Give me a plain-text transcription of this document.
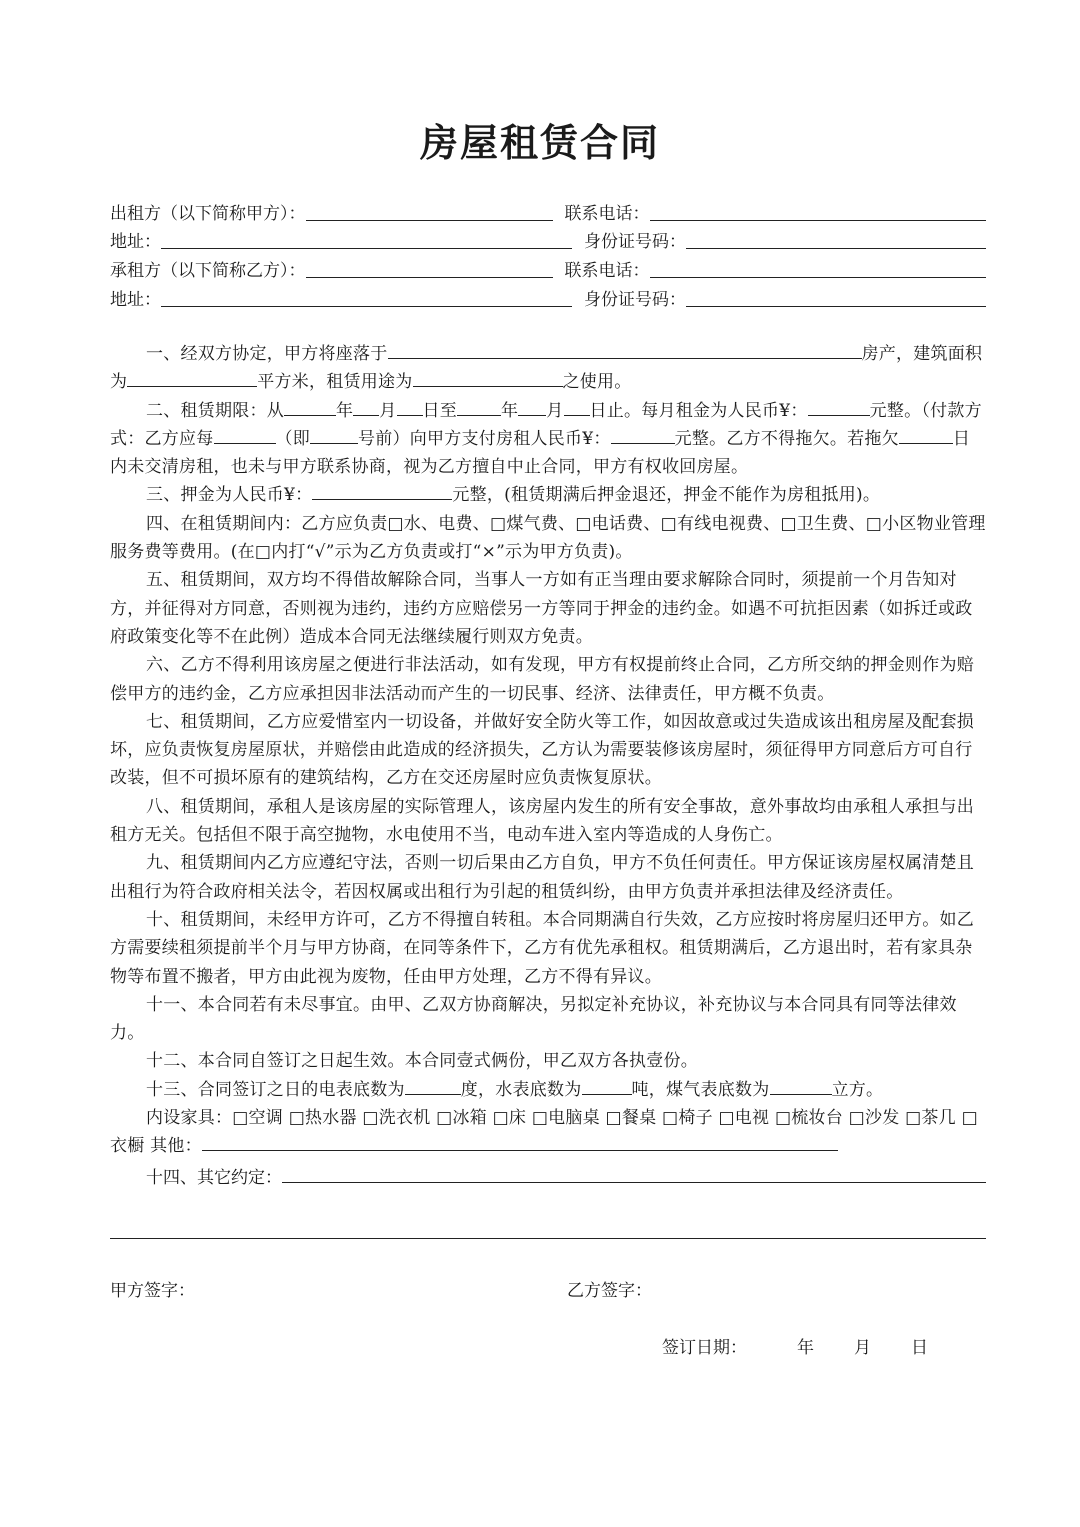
房屋租赁合同
出租方（以下简称甲方）：	联系电话：
地址：	身份证号码：
承租方（以下简称乙方）：	联系电话：
地址：	身份证号码：

一、经双方协定，甲方将座落于	房产，建筑面积为	平方米，租赁用途为	之使用。

二、租赁期限：从	年 月 日至	年 月 日止。每月租金为人民币¥：	元整。（付款方式：乙方应每	（即	号前）向甲方支付房租人民币¥：	元整。乙方不得拖欠。若拖欠	日内未交清房租，也未与甲方联系协商，视为乙方擅自中止合同，甲方有权收回房屋。

三、押金为人民币¥：	元整，(租赁期满后押金退还，押金不能作为房租抵用)。

四、在租赁期间内：乙方应负责□水、电费、□煤气费、□电话费、□有线电视费、□卫生费、□小区物业管理服务费等费用。(在□内打“√”示为乙方负责或打“×”示为甲方负责)。

五、租赁期间，双方均不得借故解除合同，当事人一方如有正当理由要求解除合同时，须提前一个月告知对方，并征得对方同意，否则视为违约，违约方应赔偿另一方等同于押金的违约金。如遇不可抗拒因素（如拆迁或政府政策变化等不在此例）造成本合同无法继续履行则双方免责。

六、乙方不得利用该房屋之便进行非法活动，如有发现，甲方有权提前终止合同，乙方所交纳的押金则作为赔偿甲方的违约金，乙方应承担因非法活动而产生的一切民事、经济、法律责任，甲方概不负责。

七、租赁期间，乙方应爱惜室内一切设备，并做好安全防火等工作，如因故意或过失造成该出租房屋及配套损坏，应负责恢复房屋原状，并赔偿由此造成的经济损失，乙方认为需要装修该房屋时，须征得甲方同意后方可自行改装，但不可损坏原有的建筑结构，乙方在交还房屋时应负责恢复原状。

八、租赁期间，承租人是该房屋的实际管理人，该房屋内发生的所有安全事故，意外事故均由承租人承担与出租方无关。包括但不限于高空抛物，水电使用不当，电动车进入室内等造成的人身伤亡。

九、租赁期间内乙方应遵纪守法，否则一切后果由乙方自负，甲方不负任何责任。甲方保证该房屋权属清楚且出租行为符合政府相关法令，若因权属或出租行为引起的租赁纠纷，由甲方负责并承担法律及经济责任。

十、租赁期间，未经甲方许可，乙方不得擅自转租。本合同期满自行失效，乙方应按时将房屋归还甲方。如乙方需要续租须提前半个月与甲方协商，在同等条件下，乙方有优先承租权。租赁期满后，乙方退出时，若有家具杂物等布置不搬者，甲方由此视为废物，任由甲方处理，乙方不得有异议。

十一、本合同若有未尽事宜。由甲、乙双方协商解决，另拟定补充协议，补充协议与本合同具有同等法律效力。

十二、本合同自签订之日起生效。本合同壹式俩份，甲乙双方各执壹份。

十三、合同签订之日的电表底数为	度，水表底数为	吨，煤气表底数为	立方。

内设家具：□空调 □热水器 □洗衣机 □冰箱 □床 □电脑桌 □餐桌 □椅子 □电视 □梳妆台 □沙发 □茶几 □衣橱 其他：

十四、其它约定：
甲方签字：	乙方签字：
签订日期：	年 月 日
